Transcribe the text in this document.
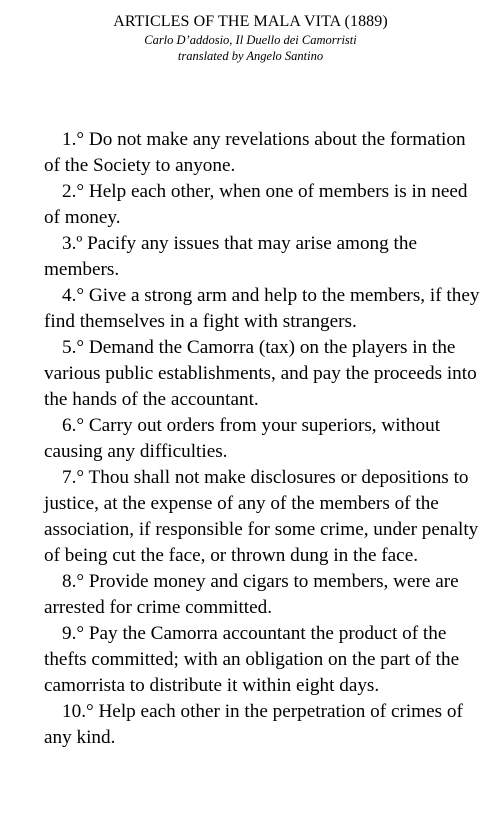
ARTICLES OF THE MALA VITA (1889)
Carlo D’addosio, Il Duello dei Camorristi
translated by Angelo Santino

1.° Do not make any revelations about the formation of the Society to anyone.

2.° Help each other, when one of members is in need of money.

3.º Pacify any issues that may arise among the members.

4.° Give a strong arm and help to the members, if they find themselves in a fight with strangers.

5.° Demand the Camorra (tax) on the players in the various public establishments, and pay the proceeds into the hands of the accountant.

6.° Carry out orders from your superiors, without causing any difficulties.

7.° Thou shall not make disclosures or depositions to justice, at the expense of any of the members of the association, if responsible for some crime, under penalty of being cut the face, or thrown dung in the face.

8.° Provide money and cigars to members, were are arrested for crime committed.

9.° Pay the Camorra accountant the product of the thefts committed; with an obligation on the part of the camorrista to distribute it within eight days.

10.° Help each other in the perpetration of crimes of any kind.
